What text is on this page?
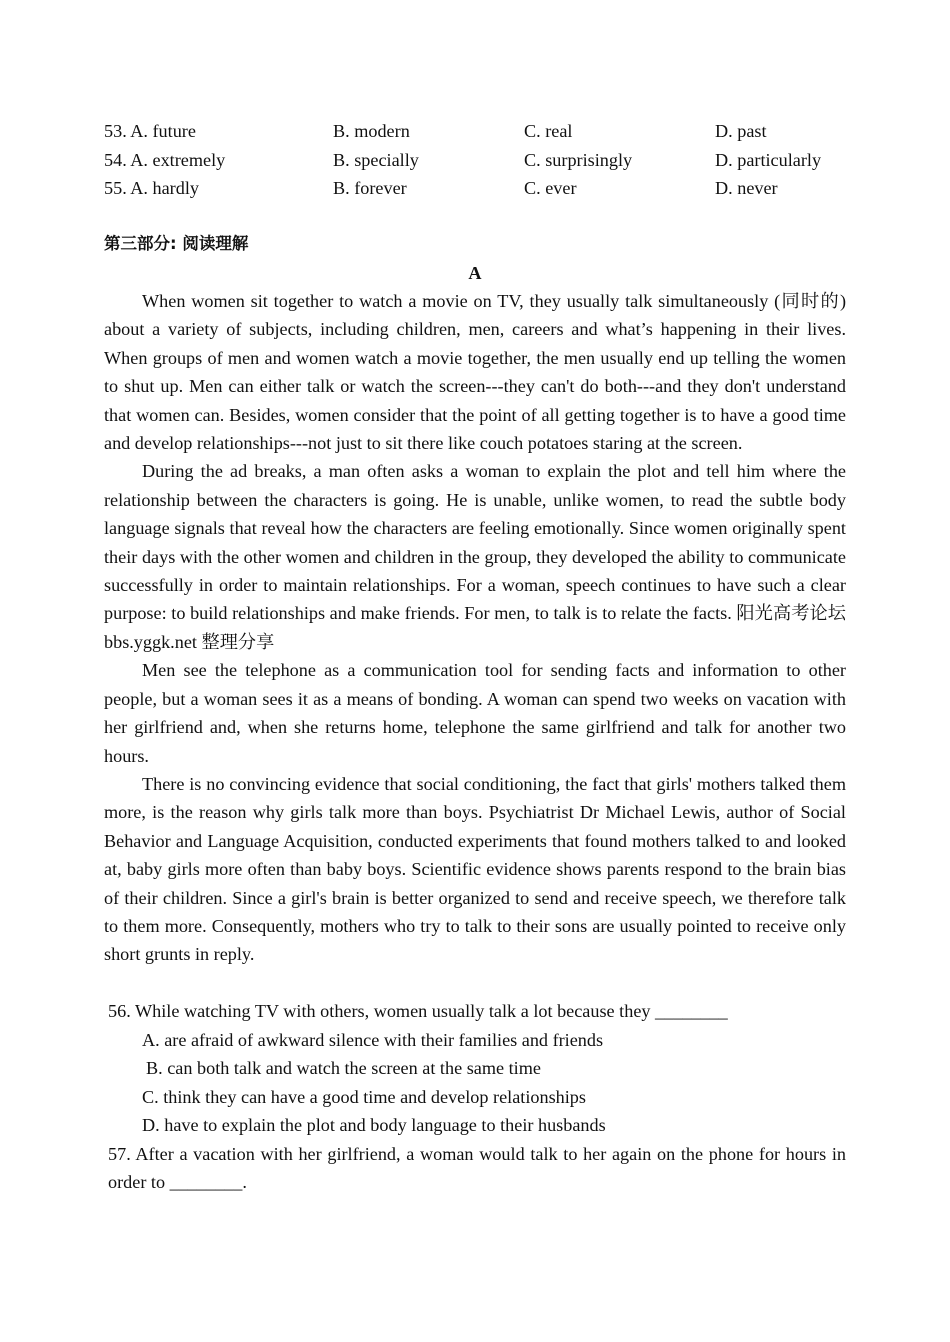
53. A. future	B. modern	C. real	D. past
54. A. extremely	B. specially	C. surprisingly	D. particularly
55. A. hardly	B. forever	C. ever	D. never
第三部分: 阅读理解
A

When women sit together to watch a movie on TV, they usually talk simultaneously (同时的) about a variety of subjects, including children, men, careers and what’s happening in their lives. When groups of men and women watch a movie together, the men usually end up telling the women to shut up. Men can either talk or watch the screen---they can't do both---and they don't understand that women can. Besides, women consider that the point of all getting together is to have a good time and develop relationships---not just to sit there like couch potatoes staring at the screen.

During the ad breaks, a man often asks a woman to explain the plot and tell him where the relationship between the characters is going. He is unable, unlike women, to read the subtle body language signals that reveal how the characters are feeling emotionally. Since women originally spent their days with the other women and children in the group, they developed the ability to communicate successfully in order to maintain relationships. For a woman, speech continues to have such a clear purpose: to build relationships and make friends. For men, to talk is to relate the facts. 阳光高考论坛 bbs.yggk.net 整理分享

Men see the telephone as a communication tool for sending facts and information to other people, but a woman sees it as a means of bonding. A woman can spend two weeks on vacation with her girlfriend and, when she returns home, telephone the same girlfriend and talk for another two hours.

There is no convincing evidence that social conditioning, the fact that girls' mothers talked them more, is the reason why girls talk more than boys. Psychiatrist Dr Michael Lewis, author of Social Behavior and Language Acquisition, conducted experiments that found mothers talked to and looked at, baby girls more often than baby boys. Scientific evidence shows parents respond to the brain bias of their children. Since a girl's brain is better organized to send and receive speech, we therefore talk to them more. Consequently, mothers who try to talk to their sons are usually pointed to receive only short grunts in reply.

56. While watching TV with others, women usually talk a lot because they ________

A. are afraid of awkward silence with their families and friends

B. can both talk and watch the screen at the same time

C. think they can have a good time and develop relationships

D. have to explain the plot and body language to their husbands

57. After a vacation with her girlfriend, a woman would talk to her again on the phone for hours in order to ________.
